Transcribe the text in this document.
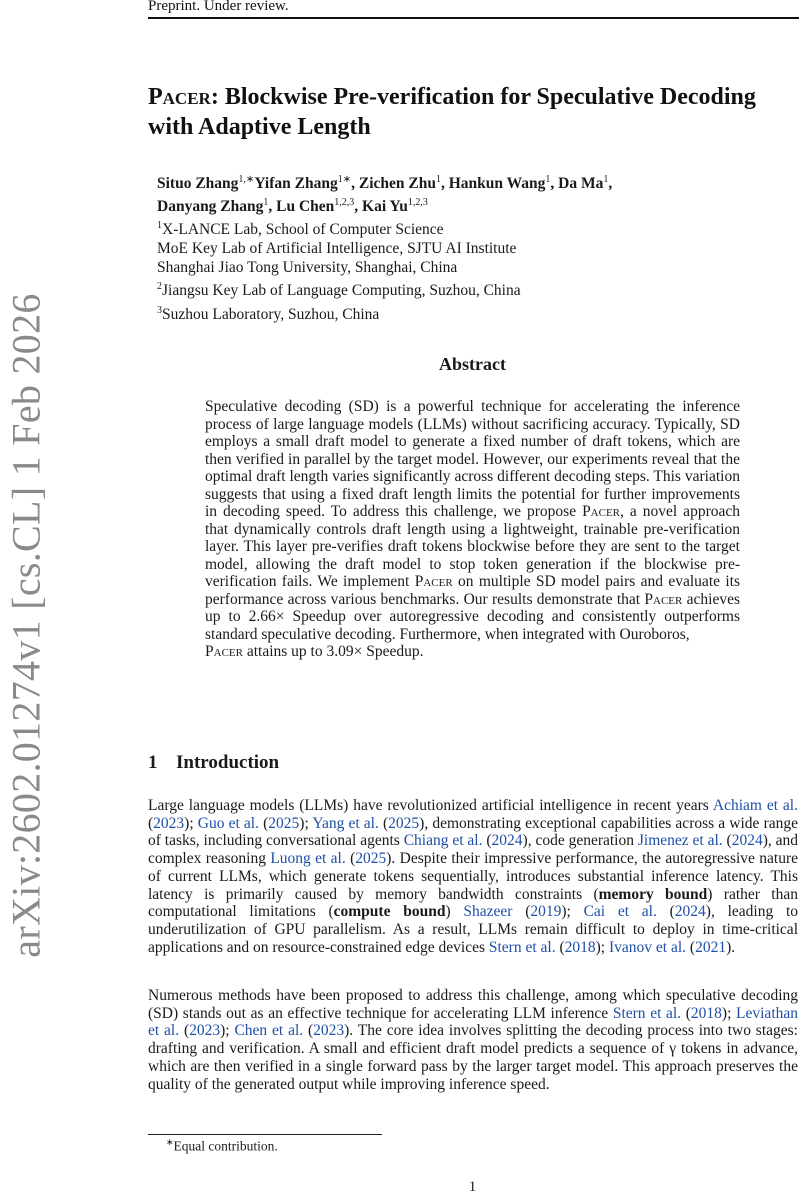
Preprint. Under review.
arXiv:2602.01274v1 [cs.CL] 1 Feb 2026
Pacer: Blockwise Pre-verification for Speculative Decoding
with Adaptive Length
Situo Zhang$^{1,∗}$Yifan Zhang$^{1∗}$, Zichen Zhu$^1$, Hankun Wang$^1$, Da Ma$^1$,
Danyang Zhang$^1$, Lu Chen$^{1,2,3}$, Kai Yu$^{1,2,3}$
$^1$X-LANCE Lab, School of Computer Science
MoE Key Lab of Artificial Intelligence, SJTU AI Institute
Shanghai Jiao Tong University, Shanghai, China
$^2$Jiangsu Key Lab of Language Computing, Suzhou, China
$^3$Suzhou Laboratory, Suzhou, China
Abstract
Speculative decoding (SD) is a powerful technique for accelerating the inference process of large language models (LLMs) without sacrificing accuracy. Typically, SD employs a small draft model to generate a fixed number of draft tokens, which are then verified in parallel by the target model. However, our experiments reveal that the optimal draft length varies significantly across different decoding steps. This variation suggests that using a fixed draft length limits the potential for further improvements in decoding speed. To address this challenge, we propose Pacer, a novel approach that dynamically controls draft length using a lightweight, trainable pre-verification layer. This layer pre-verifies draft tokens blockwise before they are sent to the target model, allowing the draft model to stop token generation if the blockwise pre-verification fails. We implement Pacer on multiple SD model pairs and evaluate its performance across various benchmarks. Our results demonstrate that Pacer achieves up to 2.66× Speedup over autoregressive decoding and consistently outperforms standard speculative decoding. Furthermore, when integrated with Ouroboros,
Pacer attains up to 3.09× Speedup.
1 Introduction
Large language models (LLMs) have revolutionized artificial intelligence in recent years Achiam et al. (2023); Guo et al. (2025); Yang et al. (2025), demonstrating exceptional capabilities across a wide range of tasks, including conversational agents Chiang et al. (2024), code generation Jimenez et al. (2024), and complex reasoning Luong et al. (2025). Despite their impressive performance, the autoregressive nature of current LLMs, which generate tokens sequentially, introduces substantial inference latency. This latency is primarily caused by memory bandwidth constraints (memory bound) rather than computational limitations (compute bound) Shazeer (2019); Cai et al. (2024), leading to underutilization of GPU parallelism. As a result, LLMs remain difficult to deploy in time-critical applications and on resource-constrained edge devices Stern et al. (2018); Ivanov et al. (2021).
Numerous methods have been proposed to address this challenge, among which speculative decoding (SD) stands out as an effective technique for accelerating LLM inference Stern et al. (2018); Leviathan et al. (2023); Chen et al. (2023). The core idea involves splitting the decoding process into two stages: drafting and verification. A small and efficient draft model predicts a sequence of γ tokens in advance, which are then verified in a single forward pass by the larger target model. This approach preserves the quality of the generated output while improving inference speed.
∗Equal contribution.
1
